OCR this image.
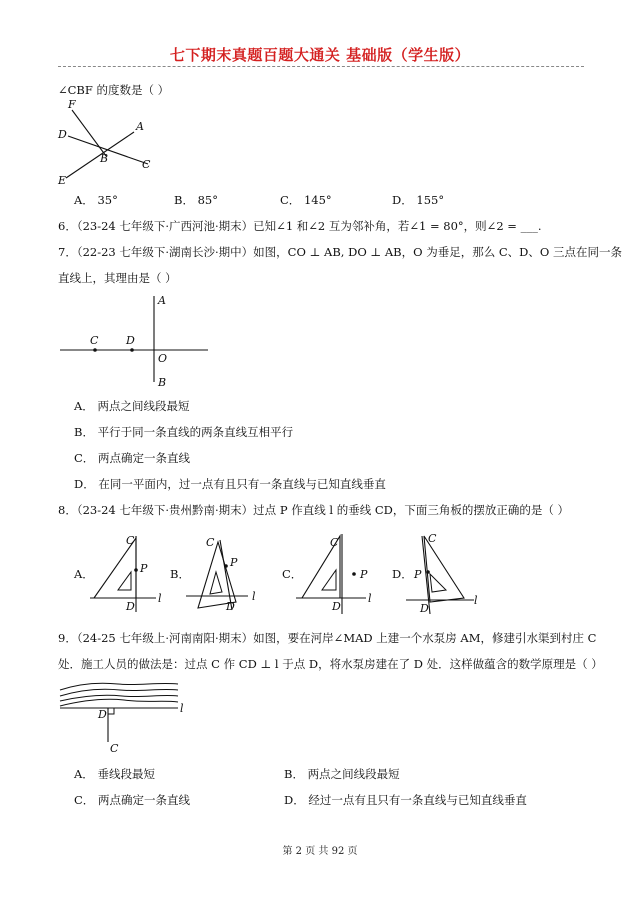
七下期末真题百题大通关 基础版（学生版）
∠CBF 的度数是（ ）
F
D
A
B	C
E
A． 35°	B． 85°	C． 145°	D． 155°
6．（23-24 七年级下·广西河池·期末）已知∠1 和∠2 互为邻补角，若∠1 = 80°，则∠2 = ___.
7．（22-23 七年级下·湖南长沙·期中）如图，CO ⊥ AB, DO ⊥ AB，O 为垂足，那么 C、D、O 三点在同一条
直线上，其理由是（ ）
A
C	D
O
B
A． 两点之间线段最短
B． 平行于同一条直线的两条直线互相平行
C． 两点确定一条直线
D． 在同一平面内，过一点有且只有一条直线与已知直线垂直
8．（23-24 七年级下·贵州黔南·期末）过点 P 作直线 l 的垂线 CD，下面三角板的摆放正确的是（ ）
A．
C
P
D
l
B．
C
P
D
l
C．
C
P
D
l
D．
C
P
D
l
9．（24-25 七年级上·河南南阳·期末）如图，要在河岸∠MAD 上建一个水泵房 AM，修建引水渠到村庄 C
处．施工人员的做法是：过点 C 作 CD ⊥ l 于点 D，将水泵房建在了 D 处．这样做蕴含的数学原理是（ ）
D	l
C
A． 垂线段最短	B． 两点之间线段最短
C． 两点确定一条直线	D． 经过一点有且只有一条直线与已知直线垂直
第 2 页 共 92 页
